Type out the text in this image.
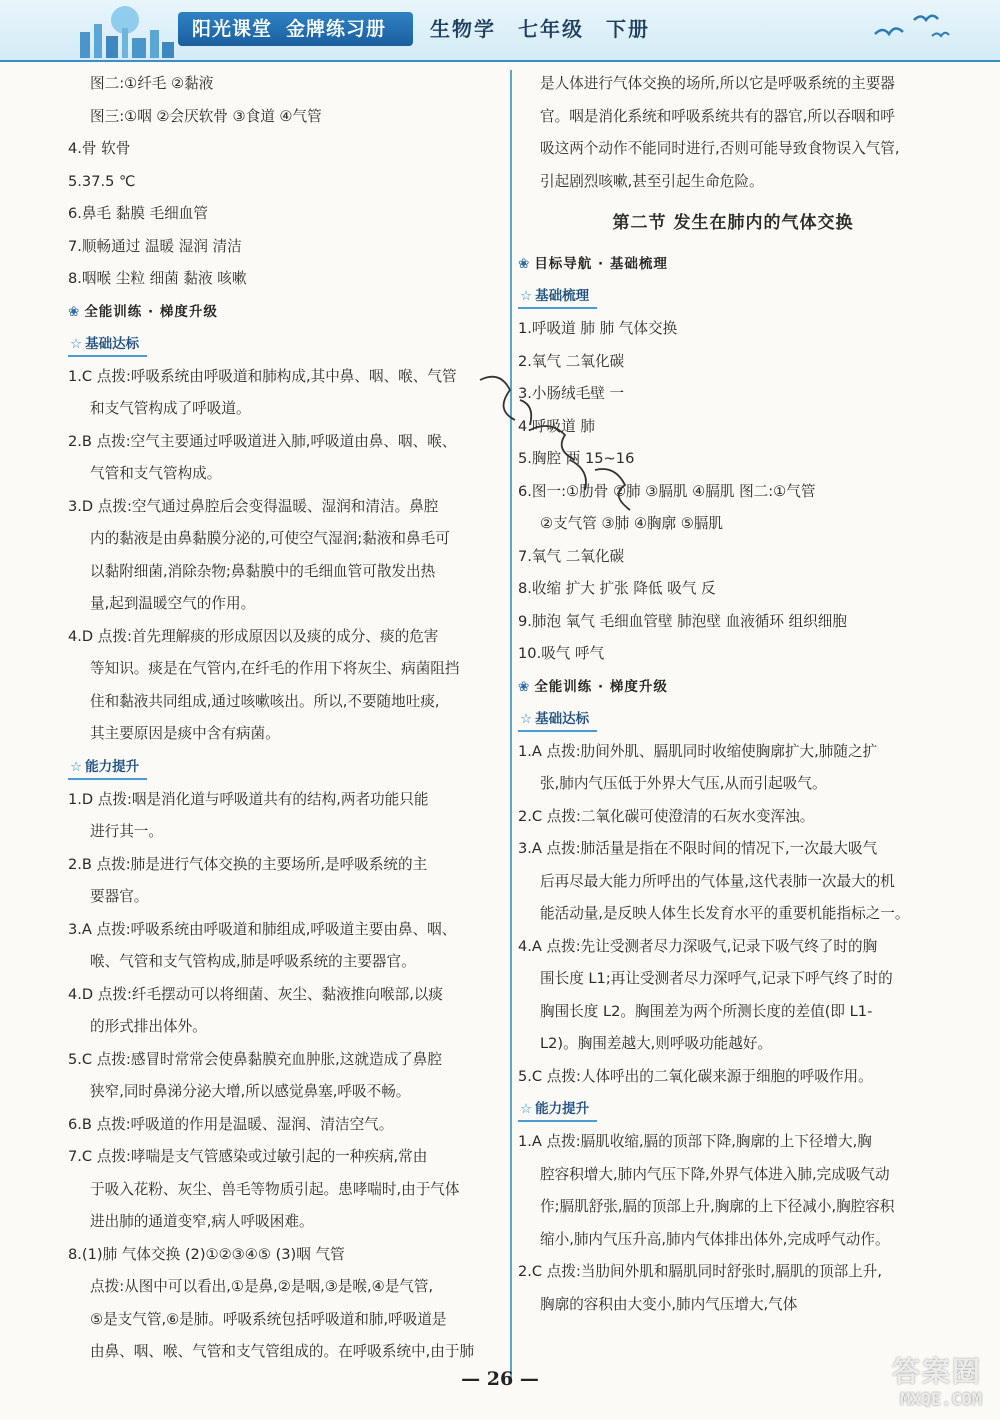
阳光课堂 金牌练习册	生物学 七年级 下册

图二:①纤毛 ②黏液

图三:①咽 ②会厌软骨 ③食道 ④气管

4.骨 软骨

5.37.5 ℃

6.鼻毛 黏膜 毛细血管

7.顺畅通过 温暖 湿润 清洁

8.咽喉 尘粒 细菌 黏液 咳嗽

❀ 全能训练 · 梯度升级
☆ 基础达标

1.C 点拨:呼吸系统由呼吸道和肺构成,其中鼻、咽、喉、气管

和支气管构成了呼吸道。

2.B 点拨:空气主要通过呼吸道进入肺,呼吸道由鼻、咽、喉、

气管和支气管构成。

3.D 点拨:空气通过鼻腔后会变得温暖、湿润和清洁。鼻腔

内的黏液是由鼻黏膜分泌的,可使空气湿润;黏液和鼻毛可

以黏附细菌,消除杂物;鼻黏膜中的毛细血管可散发出热

量,起到温暖空气的作用。

4.D 点拨:首先理解痰的形成原因以及痰的成分、痰的危害

等知识。痰是在气管内,在纤毛的作用下将灰尘、病菌阻挡

住和黏液共同组成,通过咳嗽咳出。所以,不要随地吐痰,

其主要原因是痰中含有病菌。

☆ 能力提升

1.D 点拨:咽是消化道与呼吸道共有的结构,两者功能只能

进行其一。

2.B 点拨:肺是进行气体交换的主要场所,是呼吸系统的主

要器官。

3.A 点拨:呼吸系统由呼吸道和肺组成,呼吸道主要由鼻、咽、

喉、气管和支气管构成,肺是呼吸系统的主要器官。

4.D 点拨:纤毛摆动可以将细菌、灰尘、黏液推向喉部,以痰

的形式排出体外。

5.C 点拨:感冒时常常会使鼻黏膜充血肿胀,这就造成了鼻腔

狭窄,同时鼻涕分泌大增,所以感觉鼻塞,呼吸不畅。

6.B 点拨:呼吸道的作用是温暖、湿润、清洁空气。

7.C 点拨:哮喘是支气管感染或过敏引起的一种疾病,常由

于吸入花粉、灰尘、兽毛等物质引起。患哮喘时,由于气体

进出肺的通道变窄,病人呼吸困难。

8.(1)肺 气体交换 (2)①②③④⑤ (3)咽 气管

点拨:从图中可以看出,①是鼻,②是咽,③是喉,④是气管,

⑤是支气管,⑥是肺。呼吸系统包括呼吸道和肺,呼吸道是

由鼻、咽、喉、气管和支气管组成的。在呼吸系统中,由于肺

是人体进行气体交换的场所,所以它是呼吸系统的主要器

官。咽是消化系统和呼吸系统共有的器官,所以吞咽和呼

吸这两个动作不能同时进行,否则可能导致食物误入气管,

引起剧烈咳嗽,甚至引起生命危险。

第二节 发生在肺内的气体交换
❀ 目标导航 · 基础梳理
☆ 基础梳理

1.呼吸道 肺 肺 气体交换

2.氧气 二氧化碳

3.小肠绒毛壁 一

4.呼吸道 肺

5.胸腔 两 15~16

6.图一:①肋骨 ②肺 ③膈肌 ④膈肌 图二:①气管

②支气管 ③肺 ④胸廓 ⑤膈肌

7.氧气 二氧化碳

8.收缩 扩大 扩张 降低 吸气 反

9.肺泡 氧气 毛细血管壁 肺泡壁 血液循环 组织细胞

10.吸气 呼气

❀ 全能训练 · 梯度升级
☆ 基础达标

1.A 点拨:肋间外肌、膈肌同时收缩使胸廓扩大,肺随之扩

张,肺内气压低于外界大气压,从而引起吸气。

2.C 点拨:二氧化碳可使澄清的石灰水变浑浊。

3.A 点拨:肺活量是指在不限时间的情况下,一次最大吸气

后再尽最大能力所呼出的气体量,这代表肺一次最大的机

能活动量,是反映人体生长发育水平的重要机能指标之一。

4.A 点拨:先让受测者尽力深吸气,记录下吸气终了时的胸

围长度 L1;再让受测者尽力深呼气,记录下呼气终了时的

胸围长度 L2。胸围差为两个所测长度的差值(即 L1-

L2)。胸围差越大,则呼吸功能越好。

5.C 点拨:人体呼出的二氧化碳来源于细胞的呼吸作用。

☆ 能力提升

1.A 点拨:膈肌收缩,膈的顶部下降,胸廓的上下径增大,胸

腔容积增大,肺内气压下降,外界气体进入肺,完成吸气动

作;膈肌舒张,膈的顶部上升,胸廓的上下径减小,胸腔容积

缩小,肺内气压升高,肺内气体排出体外,完成呼气动作。

2.C 点拨:当肋间外肌和膈肌同时舒张时,膈肌的顶部上升,

胸廓的容积由大变小,肺内气压增大,气体

— 26 —	答案圈
MXQE.COM
